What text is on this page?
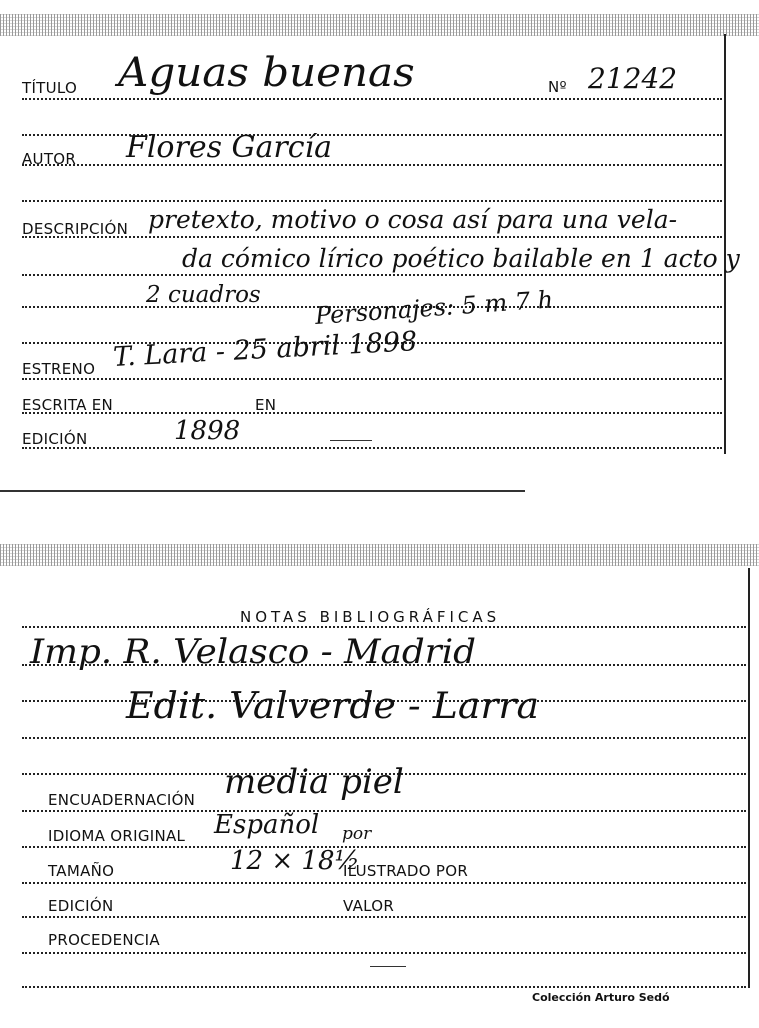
TÍTULO Aguas buenas	Nº 21242
AUTOR Flores García
DESCRIPCIÓN pretexto, motivo o cosa así para una vela-
da cómico lírico poético bailable en 1 acto y
2 cuadros Personajes: 5 m 7 h
ESTRENO T. Lara - 25 abril 1898
ESCRITA EN	EN
EDICIÓN	1898
NOTAS BIBLIOGRÁFICAS
Imp. R. Velasco - Madrid
Edit. Valverde - Larra
ENCUADERNACIÓN media piel
IDIOMA ORIGINAL Español por
TAMAÑO	12 × 18½
ILUSTRADO POR
EDICIÓN	VALOR
PROCEDENCIA
Colección Arturo Sedó
